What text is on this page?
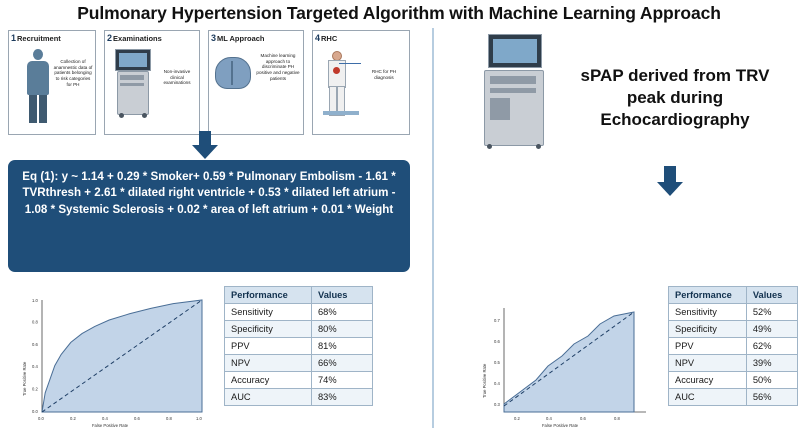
Pulmonary Hypertension Targeted Algorithm with Machine Learning Approach
1Recruitment
Collection of anamnestic data of patients belonging to risk categories for PH
2Examinations
Non-invasive clinical examinations
3ML Approach
Machine learning approach to discriminate PH positive and negative patients
4RHC
RHC for PH diagnosis
Eq (1): y ~ 1.14 + 0.29 * Smoker+ 0.59 * Pulmonary Embolism - 1.61 * TVRthresh + 2.61 * dilated right ventricle + 0.53 * dilated left atrium - 1.08 * Systemic Sclerosis + 0.02 * area of left atrium + 0.01 * Weight
sPAP derived from TRV peak during Echocardiography
0.0
0.2
0.4
0.6
0.8
1.0
0.0	0.2	0.4	0.6	0.8	1.0
True Positive Rate
False Positive Rate
0.3
0.4
0.5
0.6
0.7
0.2	0.4	0.6	0.8
True Positive Rate
False Positive Rate
Performance	Values
Sensitivity	68%
Specificity	80%
PPV	81%
NPV	66%
Accuracy	74%
AUC	83%
Performance	Values
Sensitivity	52%
Specificity	49%
PPV	62%
NPV	39%
Accuracy	50%
AUC	56%
